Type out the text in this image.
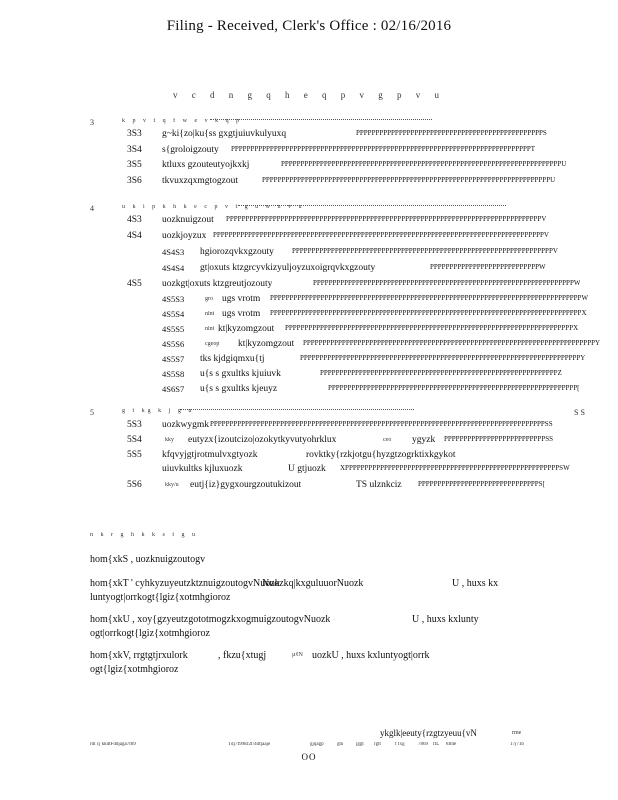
Filing - Received, Clerk's Office : 02/16/2016
v c d n g q h e q p v g p v u
3	k p v t q f w e v k q p
3S3 g~ki{zo|ku{ss gxgtjuiuvkulyuxq	PPPPPPPPPPPPPPPPPPPPPPPPPPPPPPPPPPPPPPPPPPPPPPPPS
3S4 s{groloigzouty PPPPPPPPPPPPPPPPPPPPPPPPPPPPPPPPPPPPPPPPPPPPPPPPPPPPPPPPPPPPPPPPPPPPPPPPPPPPPT
3S5 ktluxs gzouteutyojkxkj	PPPPPPPPPPPPPPPPPPPPPPPPPPPPPPPPPPPPPPPPPPPPPPPPPPPPPPPPPPPPPPPPPPPPPPPPU
3S6 tkvuxzqxmgtogzout	PPPPPPPPPPPPPPPPPPPPPPPPPPPPPPPPPPPPPPPPPPPPPPPPPPPPPPPPPPPPPPPPPPPPPPPPPPU
4	u k i p k h k e c p v t g u w n v u
4S3 uozknuigzout PPPPPPPPPPPPPPPPPPPPPPPPPPPPPPPPPPPPPPPPPPPPPPPPPPPPPPPPPPPPPPPPPPPPPPPPPPPPPPPPPV
4S4 uozkjoyzux PPPPPPPPPPPPPPPPPPPPPPPPPPPPPPPPPPPPPPPPPPPPPPPPPPPPPPPPPPPPPPPPPPPPPPPPPPPPPPPPPPPPPV
4S4S3 hgiorozqvkxgzouty	PPPPPPPPPPPPPPPPPPPPPPPPPPPPPPPPPPPPPPPPPPPPPPPPPPPPPPPPPPPPPPPPPPPV
4S4S4 gt|oxuts ktzgrcyvkizyuljoyzuxoigrqvkxgzouty	PPPPPPPPPPPPPPPPPPPPPPPPPPPPW
4S5 uozkgt|oxuts ktzgreutjozouty	PPPPPPPPPPPPPPPPPPPPPPPPPPPPPPPPPPPPPPPPPPPPPPPPPPPPPPPPPPPPPPPPPPPW
4S5S3	gro ugs vrotm PPPPPPPPPPPPPPPPPPPPPPPPPPPPPPPPPPPPPPPPPPPPPPPPPPPPPPPPPPPPPPPPPPPPPPPPPPPPPPPPW
4S5S4	nlnt ugs vrotm PPPPPPPPPPPPPPPPPPPPPPPPPPPPPPPPPPPPPPPPPPPPPPPPPPPPPPPPPPPPPPPPPPPPPPPPPPPPPPPPX
4S5S5	nlnt kt|kyzomgzout PPPPPPPPPPPPPPPPPPPPPPPPPPPPPPPPPPPPPPPPPPPPPPPPPPPPPPPPPPPPPPPPPPPPPPPPPPX
4S5S6	cgeop kt|kyzomgzout PPPPPPPPPPPPPPPPPPPPPPPPPPPPPPPPPPPPPPPPPPPPPPPPPPPPPPPPPPPPPPPPPPPPPPPPPPPY
4S5S7 tks kjdgiqmxu{tj	PPPPPPPPPPPPPPPPPPPPPPPPPPPPPPPPPPPPPPPPPPPPPPPPPPPPPPPPPPPPPPPPPPPPPPPPY
4S5S8 u{s s gxultks kjuiuvk	PPPPPPPPPPPPPPPPPPPPPPPPPPPPPPPPPPPPPPPPPPPPPPPPPPPPPPPPPPPPPZ
4S6S7 u{s s gxultks kjeuyz	PPPPPPPPPPPPPPPPPPPPPPPPPPPPPPPPPPPPPPPPPPPPPPPPPPPPPPPPPPPPPPPP[
5	g t kg k j g u	S S
5S3 uozkwygmk PPPPPPPPPPPPPPPPPPPPPPPPPPPPPPPPPPPPPPPPPPPPPPPPPPPPPPPPPPPPPPPPPPPPPPPPPPPPPPPPPPPPPPSS
5S4	kky eutyzx{izoutcizo|ozokytkyvutyohrklux	ceo ygyzk PPPPPPPPPPPPPPPPPPPPPPPPPPSS
5S5 kfqvyjgtjrotmulvxgtyozk	rovktky{rzkjotgu{hyzgtzogrktixkgykot
uiuvkultks kjluxuozk	U gtjuozk XPPPPPPPPPPPPPPPPPPPPPPPPPPPPPPPPPPPPPPPPPPPPPPPPPPPPPPPSW
5S6	kky/u eutj{iz}gygxourgzoutukizout	TS ulznkciz PPPPPPPPPPPPPPPPPPPPPPPPPPPPPPPS[
n k r g h k k s t g u
hom{xkS , uozknuigzoutogv
hom{xkT ' cyhkyzuyeutzktznuigzoutogvNuozk
Nuozkq|kxguluuorNuozk	U , huxs kx
luntyogt|orrkogt{lgiz{xotmhgioroz
hom{xkU , xoy{gzyeutzgototmogzkxogmuigzoutogvNuozk	U , huxs kxlunty
ogt|orrkogt{lgiz{xotmhgioroz
hom{xkV, rrgtgtjrxulork	, fkzu{xtugj	µ¢N uozkU , huxs kxluntyogt|orrk
ogt{lgiz{xotmhgioroz
ykglk|eeuty{rzgtzyeuu{vN	rme
rdl cj kkdtFddjaga7f89	Tdj7f998J2f/4dfjaaje	gjqagp	gtu	jggt rgtt	f fxg	7869 ffL 8lfde	17j71b
OO
